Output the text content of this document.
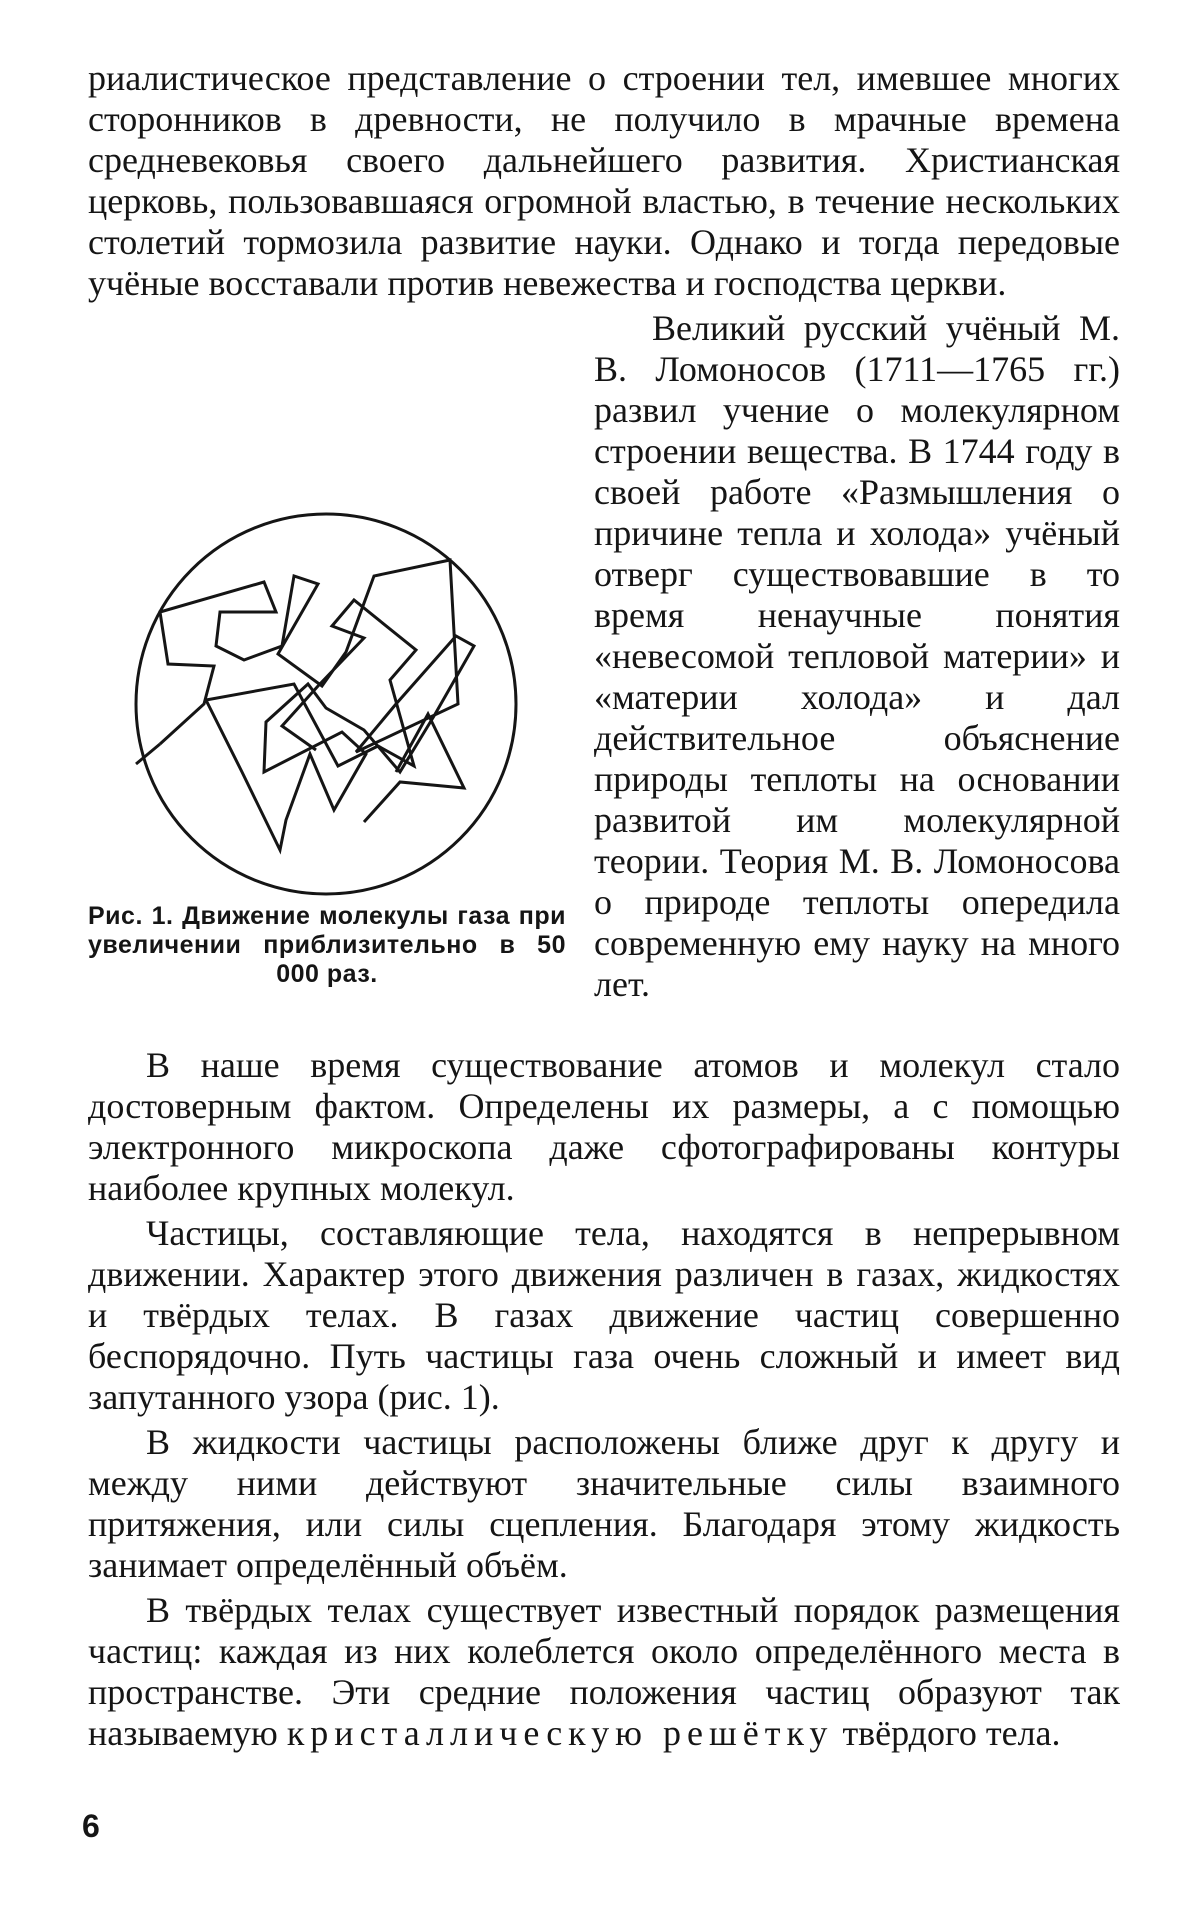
риалистическое представление о строении тел, имевшее многих сторонников в древности, не получило в мрачные времена средневековья своего дальнейшего развития. Христианская церковь, пользовавшаяся огромной властью, в течение нескольких столетий тормозила развитие науки. Однако и тогда передовые учёные восставали против невежества и господства церкви.

Великий русский учёный М. В. Ломоносов (1711—1765 гг.) развил учение о молекулярном строении вещества. В 1744 году в своей работе «Размышления о причине тепла и холода» учёный отверг существовавшие в то время ненаучные понятия «невесомой тепловой материи» и «материи холода» и дал действительное объяснение природы теплоты на основании развитой им молекулярной теории. Теория М. В. Ломоносова о природе теплоты опередила современную ему науку на много лет.
Рис. 1. Движение молекулы газа при увеличении приблизительно в 50 000 раз.

В наше время существование атомов и молекул стало достоверным фактом. Определены их размеры, а с помощью электронного микроскопа даже сфотографированы контуры наиболее крупных молекул.

Частицы, составляющие тела, находятся в непрерывном движении. Характер этого движения различен в газах, жидкостях и твёрдых телах. В газах движение частиц совершенно беспорядочно. Путь частицы газа очень сложный и имеет вид запутанного узора (рис. 1).

В жидкости частицы расположены ближе друг к другу и между ними действуют значительные силы взаимного притяжения, или силы сцепления. Благодаря этому жидкость занимает определённый объём.

В твёрдых телах существует известный порядок размещения частиц: каждая из них колеблется около определённого места в пространстве. Эти средние положения частиц образуют так называемую кристаллическую решётку твёрдого тела.

6
